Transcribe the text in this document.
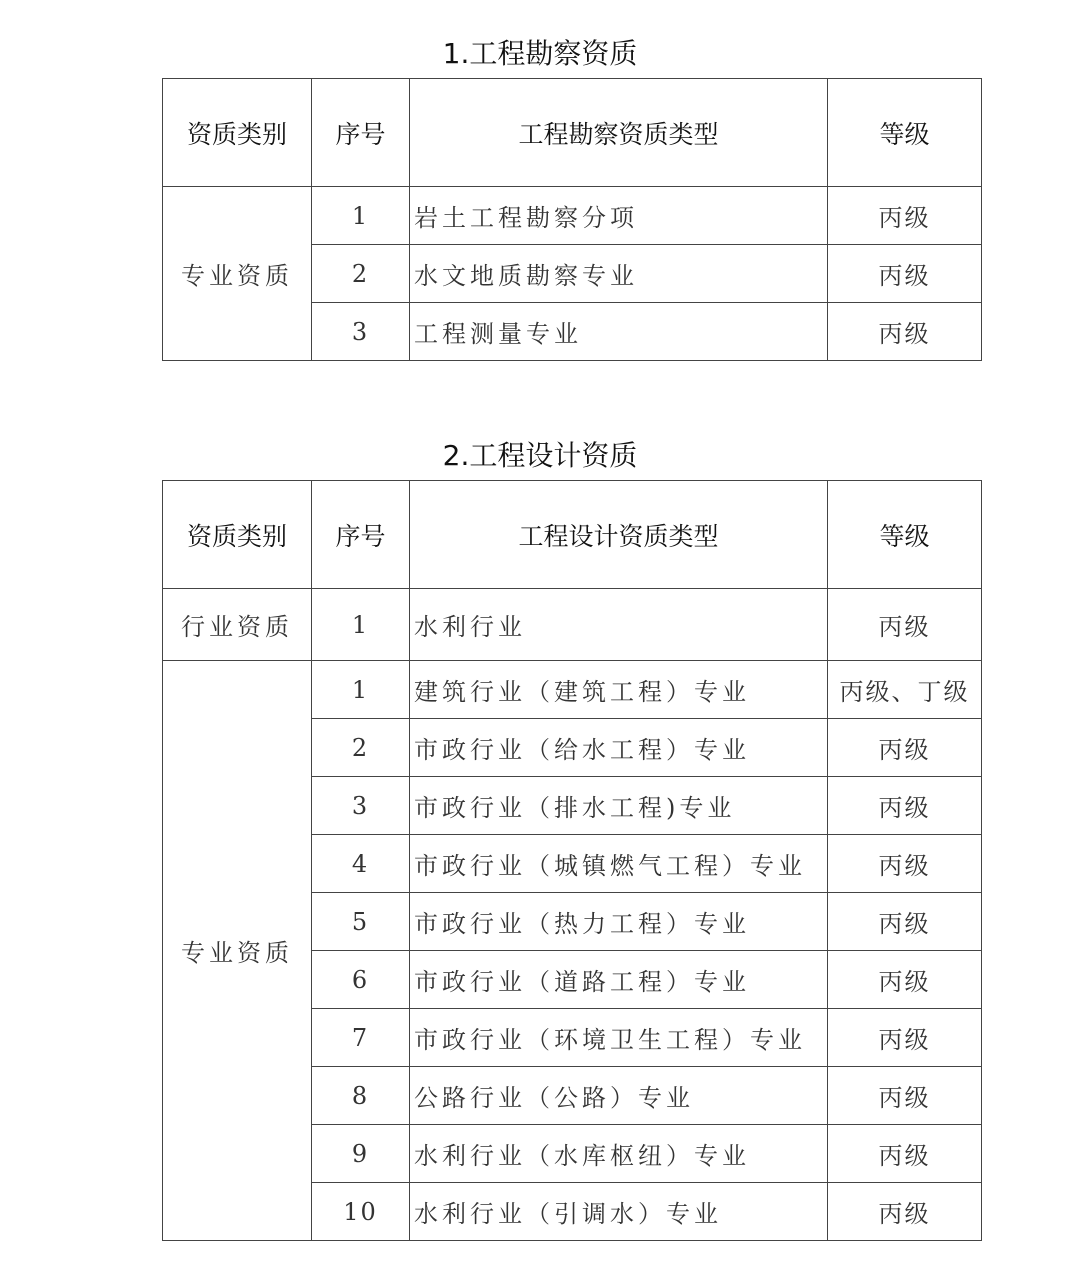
1.工程勘察资质
资质类别	序号	工程勘察资质类型	等级
专业资质	1	岩土工程勘察分项	丙级
	2	水文地质勘察专业	丙级
	3	工程测量专业	丙级
2.工程设计资质
资质类别	序号	工程设计资质类型	等级
行业资质	1	水利行业	丙级
专业资质	1	建筑行业（建筑工程）专业	丙级、丁级
	2	市政行业（给水工程）专业	丙级
	3	市政行业（排水工程)专业	丙级
	4	市政行业（城镇燃气工程）专业	丙级
	5	市政行业（热力工程）专业	丙级
	6	市政行业（道路工程）专业	丙级
	7	市政行业（环境卫生工程）专业	丙级
	8	公路行业（公路）专业	丙级
	9	水利行业（水库枢纽）专业	丙级
	10	水利行业（引调水）专业	丙级
